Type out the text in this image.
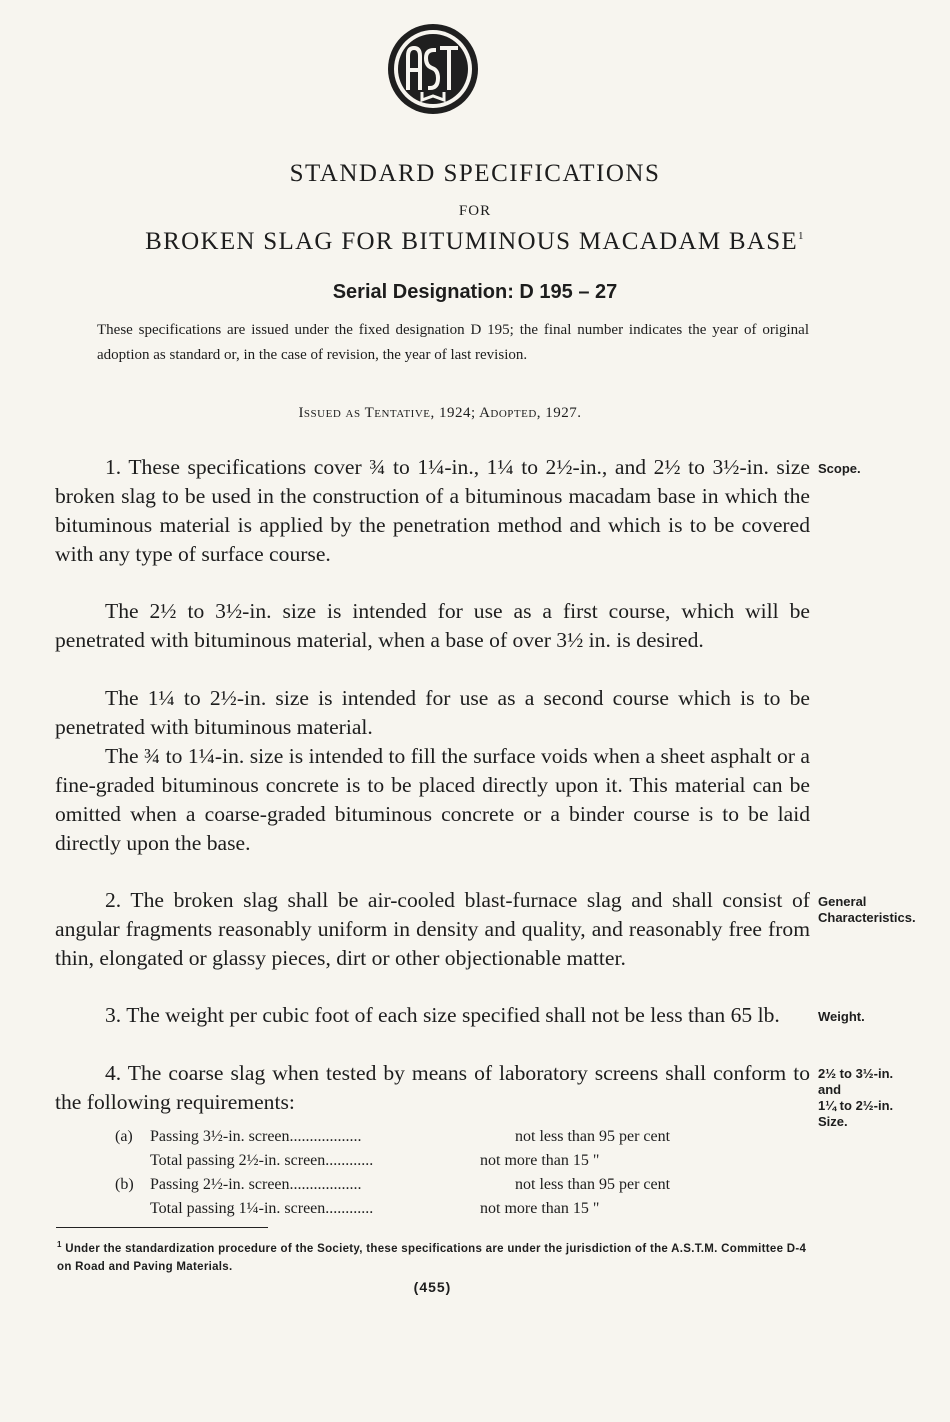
STANDARD SPECIFICATIONS
FOR
BROKEN SLAG FOR BITUMINOUS MACADAM BASE$^1$
Serial Designation: D 195 – 27

These specifications are issued under the fixed designation D 195; the final number indicates the year of original adoption as standard or, in the case of revision, the year of last revision.

Issued as Tentative, 1924; Adopted, 1927.

1. These specifications cover ¾ to 1¼-in., 1¼ to 2½-in., and 2½ to 3½-in. size broken slag to be used in the construction of a bituminous macadam base in which the bituminous material is applied by the penetration method and which is to be covered with any type of surface course.

Scope.

The 2½ to 3½-in. size is intended for use as a first course, which will be penetrated with bituminous material, when a base of over 3½ in. is desired.

The 1¼ to 2½-in. size is intended for use as a second course which is to be penetrated with bituminous material.

The ¾ to 1¼-in. size is intended to fill the surface voids when a sheet asphalt or a fine-graded bituminous concrete is to be placed directly upon it. This material can be omitted when a coarse-graded bituminous concrete or a binder course is to be laid directly upon the base.

2. The broken slag shall be air-cooled blast-furnace slag and shall consist of angular fragments reasonably uniform in density and quality, and reasonably free from thin, elongated or glassy pieces, dirt or other objectionable matter.

General Characteristics.

3. The weight per cubic foot of each size specified shall not be less than 65 lb.	Weight.

4. The coarse slag when tested by means of laboratory screens shall conform to the following requirements:

2½ to 3½-in.
and
1¼ to 2½-in.
Size.
(a)	Passing 3½-in. screen..................	not less than 95 per cent
Total passing 2½-in. screen............	not more than 15 "
(b)	Passing 2½-in. screen..................	not less than 95 per cent
Total passing 1¼-in. screen............	not more than 15 "
$^1$ Under the standardization procedure of the Society, these specifications are under the jurisdiction of the A.S.T.M. Committee D-4 on Road and Paving Materials.
(455)
